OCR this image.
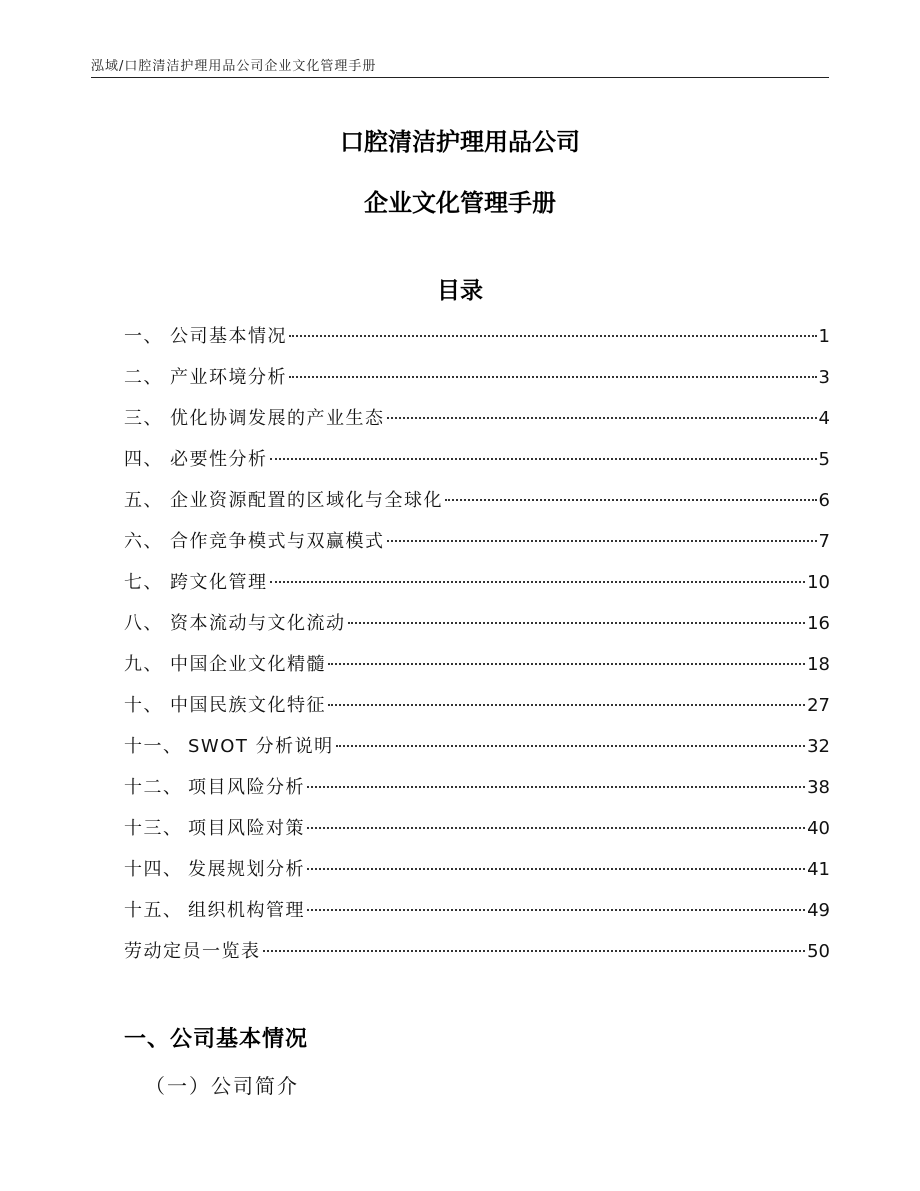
泓域/口腔清洁护理用品公司企业文化管理手册
口腔清洁护理用品公司
企业文化管理手册
目录
一、 公司基本情况	1
二、 产业环境分析	3
三、 优化协调发展的产业生态	4
四、 必要性分析	5
五、 企业资源配置的区域化与全球化	6
六、 合作竞争模式与双赢模式	7
七、 跨文化管理	10
八、 资本流动与文化流动	16
九、 中国企业文化精髓	18
十、 中国民族文化特征	27
十一、 SWOT 分析说明	32
十二、 项目风险分析	38
十三、 项目风险对策	40
十四、 发展规划分析	41
十五、 组织机构管理	49
劳动定员一览表	50
一、公司基本情况
（一）公司简介
